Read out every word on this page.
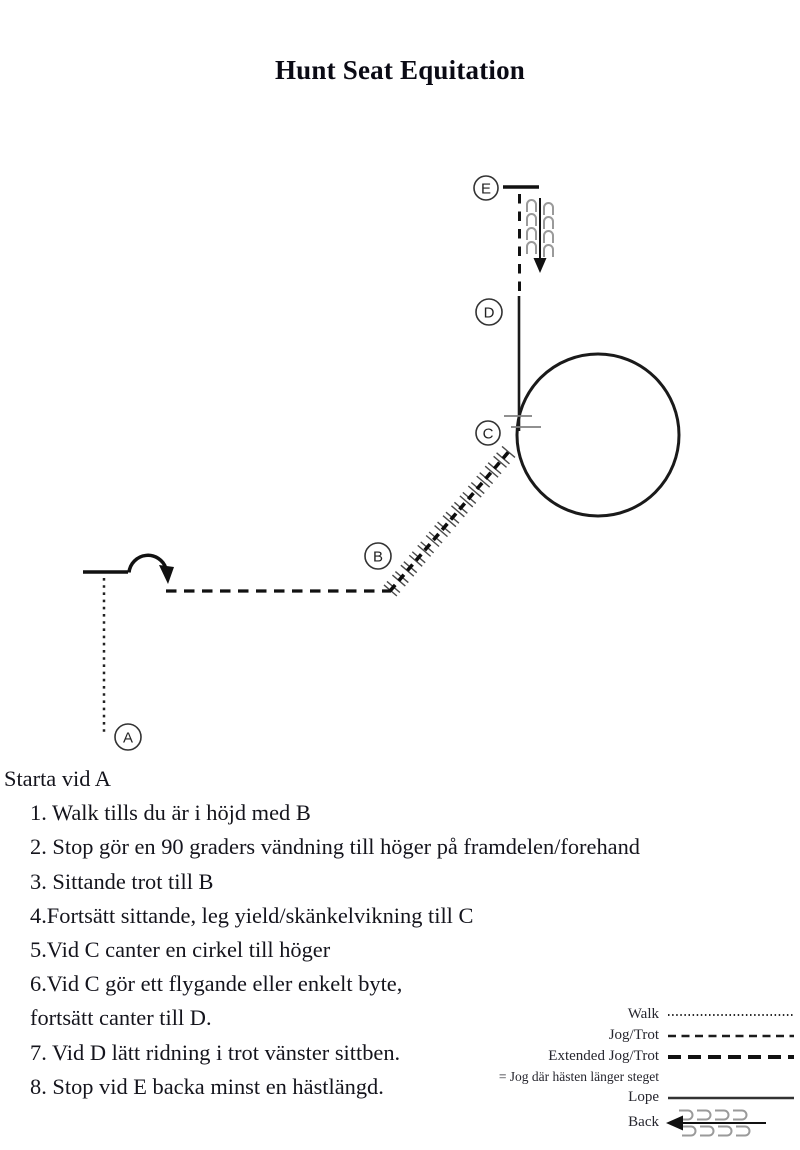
Hunt Seat Equitation
E
D
C
B
A
Starta vid A
1. Walk tills du är i höjd med B
2. Stop gör en 90 graders vändning till höger på framdelen/forehand
3. Sittande trot till B
4.Fortsätt sittande, leg yield/skänkelvikning till C
5.Vid C canter en cirkel till höger
6.Vid C gör ett flygande eller enkelt byte,
fortsätt canter till D.
7. Vid D lätt ridning i trot vänster sittben.
8. Stop vid E backa minst en hästlängd.
Walk
Jog/Trot
Extended Jog/Trot
= Jog där hästen länger steget
Lope
Back
